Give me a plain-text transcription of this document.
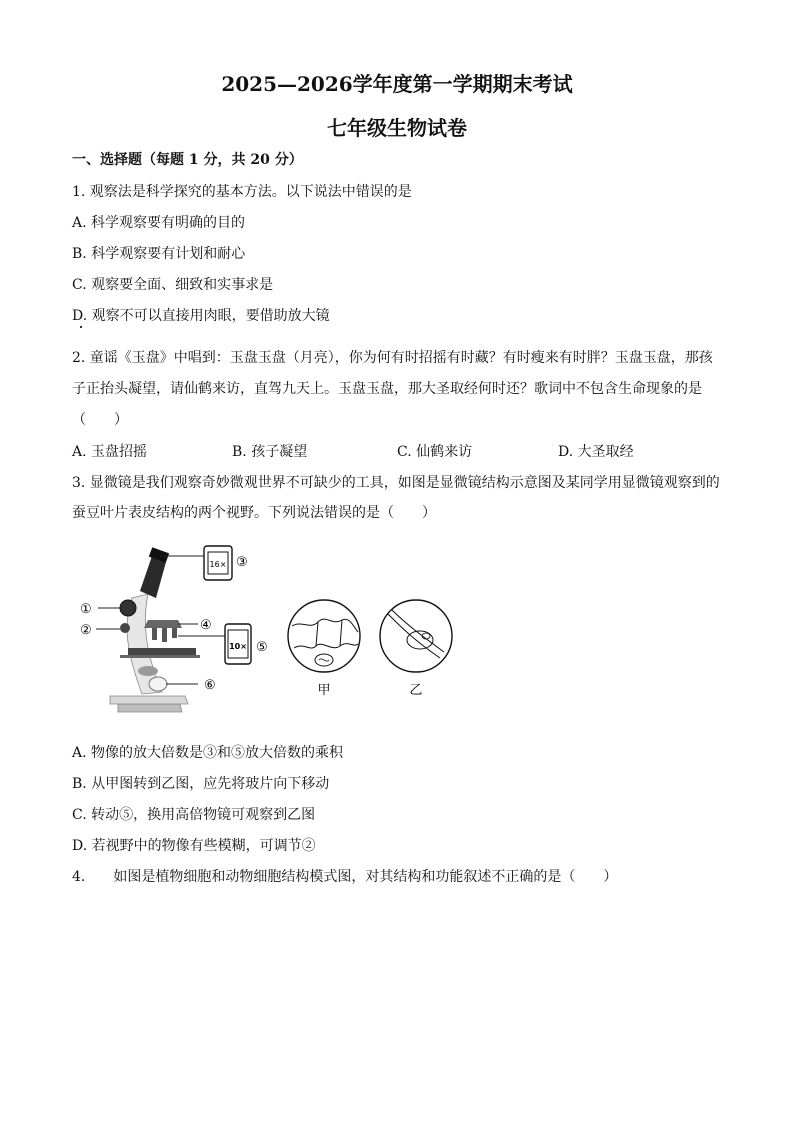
2025—2026学年度第一学期期末考试
七年级生物试卷
一、选择题（每题 1 分，共 20 分）
1. 观察法是科学探究的基本方法。以下说法中错误的是
A. 科学观察要有明确的目的
B. 科学观察要有计划和耐心
C. 观察要全面、细致和实事求是
D. 观察不可以直接用肉眼，要借助放大镜
2. 童谣《玉盘》中唱到：玉盘玉盘（月亮），你为何有时招摇有时藏？有时瘦来有时胖？玉盘玉盘，那孩
子正抬头凝望，请仙鹤来访，直驾九天上。玉盘玉盘，那大圣取经何时还？歌词中不包含生命现象的是
（　　）
A. 玉盘招摇	B. 孩子凝望	C. 仙鹤来访	D. 大圣取经
3. 显微镜是我们观察奇妙微观世界不可缺少的工具，如图是显微镜结构示意图及某同学用显微镜观察到的
蚕豆叶片表皮结构的两个视野。下列说法错误的是（　　）
16×
10×
①
②
③
④
⑤
⑥	甲	乙
A. 物像的放大倍数是③和⑤放大倍数的乘积
B. 从甲图转到乙图，应先将玻片向下移动
C. 转动⑤，换用高倍物镜可观察到乙图
D. 若视野中的物像有些模糊，可调节②
4.　　如图是植物细胞和动物细胞结构模式图，对其结构和功能叙述不正确的是（　　）
